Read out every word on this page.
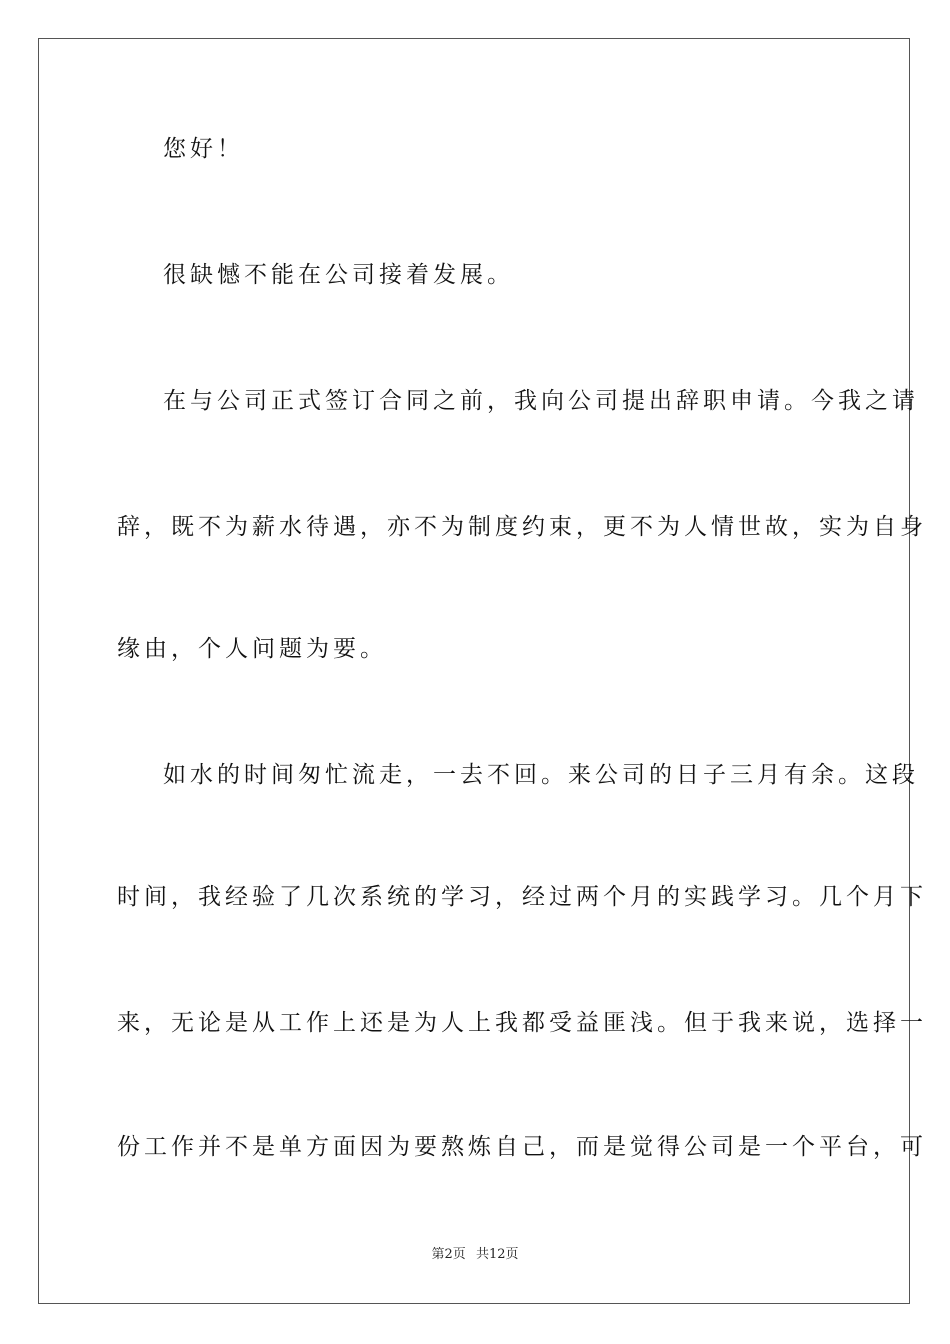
您好！
很缺憾不能在公司接着发展。
在与公司正式签订合同之前，我向公司提出辞职申请。今我之请
辞，既不为薪水待遇，亦不为制度约束，更不为人情世故，实为自身
缘由，个人问题为要。
如水的时间匆忙流走，一去不回。来公司的日子三月有余。这段
时间，我经验了几次系统的学习，经过两个月的实践学习。几个月下
来，无论是从工作上还是为人上我都受益匪浅。但于我来说，选择一
份工作并不是单方面因为要熬炼自己，而是觉得公司是一个平台，可
第2页 共12页
